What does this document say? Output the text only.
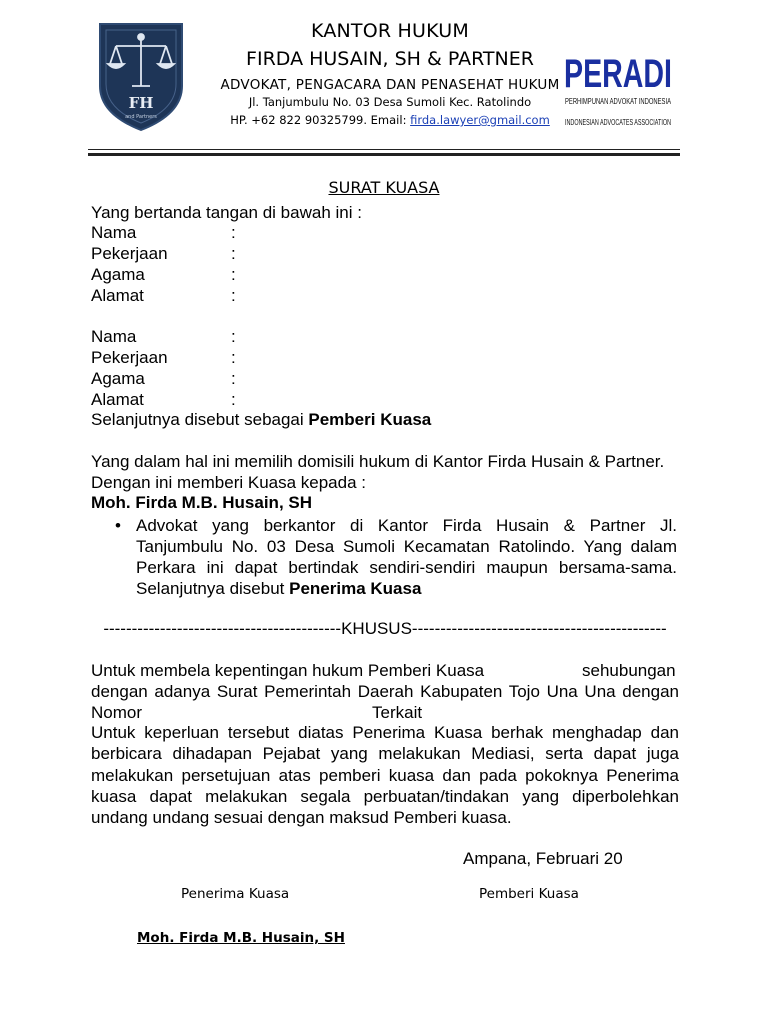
FH
and Partners
KANTOR HUKUM
FIRDA HUSAIN, SH & PARTNER
ADVOKAT, PENGACARA DAN PENASEHAT HUKUM
Jl. Tanjumbulu No. 03 Desa Sumoli Kec. Ratolindo
HP. +62 822 90325799. Email: firda.lawyer@gmail.com
PERADI
PERHIMPUNAN ADVOKAT INDONESIA
INDONESIAN ADVOCATES ASSOCIATION
SURAT KUASA
Yang bertanda tangan di bawah ini :
Nama	:
Pekerjaan	:
Agama	:
Alamat	:
Nama	:
Pekerjaan	:
Agama	:
Alamat	:
Selanjutnya disebut sebagai Pemberi Kuasa
Yang dalam hal ini memilih domisili hukum di Kantor Firda Husain & Partner.
Dengan ini memberi Kuasa kepada :
Moh. Firda M.B. Husain, SH
• Advokat yang berkantor di Kantor Firda Husain & Partner Jl.
Tanjumbulu No. 03 Desa Sumoli Kecamatan Ratolindo. Yang dalam
Perkara ini dapat bertindak sendiri-sendiri maupun bersama-sama.
Selanjutnya disebut Penerima Kuasa
------------------------------------------KHUSUS---------------------------------------------
Untuk membela kepentingan hukum Pemberi Kuasa	sehubungan
dengan adanya Surat Pemerintah Daerah Kabupaten Tojo Una Una dengan
Nomor	Terkait
Untuk keperluan tersebut diatas Penerima Kuasa berhak menghadap dan
berbicara dihadapan Pejabat yang melakukan Mediasi, serta dapat juga
melakukan persetujuan atas pemberi kuasa dan pada pokoknya Penerima
kuasa dapat melakukan segala perbuatan/tindakan yang diperbolehkan
undang undang sesuai dengan maksud Pemberi kuasa.
Ampana, Februari 20
Penerima Kuasa	Pemberi Kuasa
Moh. Firda M.B. Husain, SH
